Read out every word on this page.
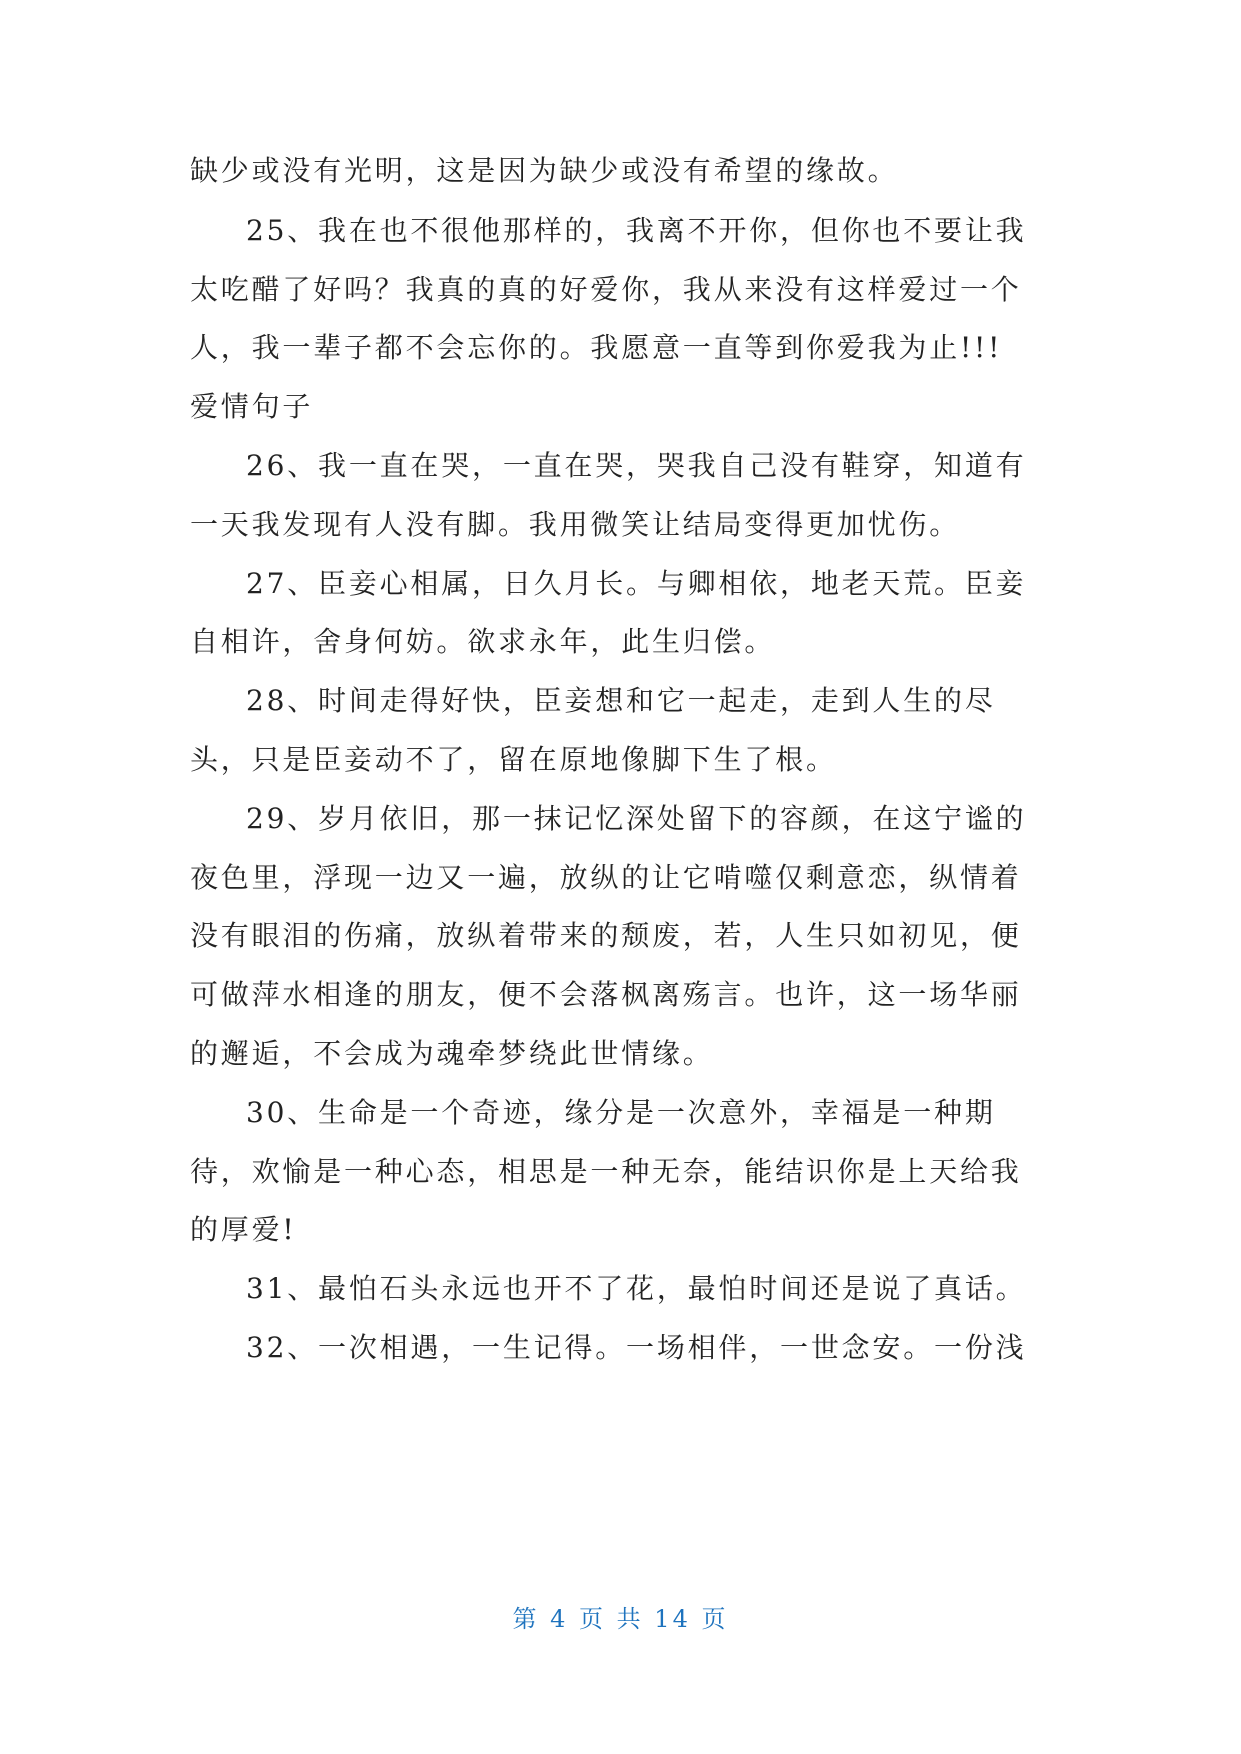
缺少或没有光明，这是因为缺少或没有希望的缘故。
25、我在也不很他那样的，我离不开你，但你也不要让我
太吃醋了好吗？我真的真的好爱你，我从来没有这样爱过一个
人，我一辈子都不会忘你的。我愿意一直等到你爱我为止!!!
爱情句子
26、我一直在哭，一直在哭，哭我自己没有鞋穿，知道有
一天我发现有人没有脚。我用微笑让结局变得更加忧伤。
27、臣妾心相属，日久月长。与卿相依，地老天荒。臣妾
自相许，舍身何妨。欲求永年，此生归偿。
28、时间走得好快，臣妾想和它一起走，走到人生的尽
头，只是臣妾动不了，留在原地像脚下生了根。
29、岁月依旧，那一抹记忆深处留下的容颜，在这宁谧的
夜色里，浮现一边又一遍，放纵的让它啃噬仅剩意恋，纵情着
没有眼泪的伤痛，放纵着带来的颓废，若，人生只如初见，便
可做萍水相逢的朋友，便不会落枫离殇言。也许，这一场华丽
的邂逅，不会成为魂牵梦绕此世情缘。
30、生命是一个奇迹，缘分是一次意外，幸福是一种期
待，欢愉是一种心态，相思是一种无奈，能结识你是上天给我
的厚爱!
31、最怕石头永远也开不了花，最怕时间还是说了真话。
32、一次相遇，一生记得。一场相伴，一世念安。一份浅
第 4 页 共 14 页
